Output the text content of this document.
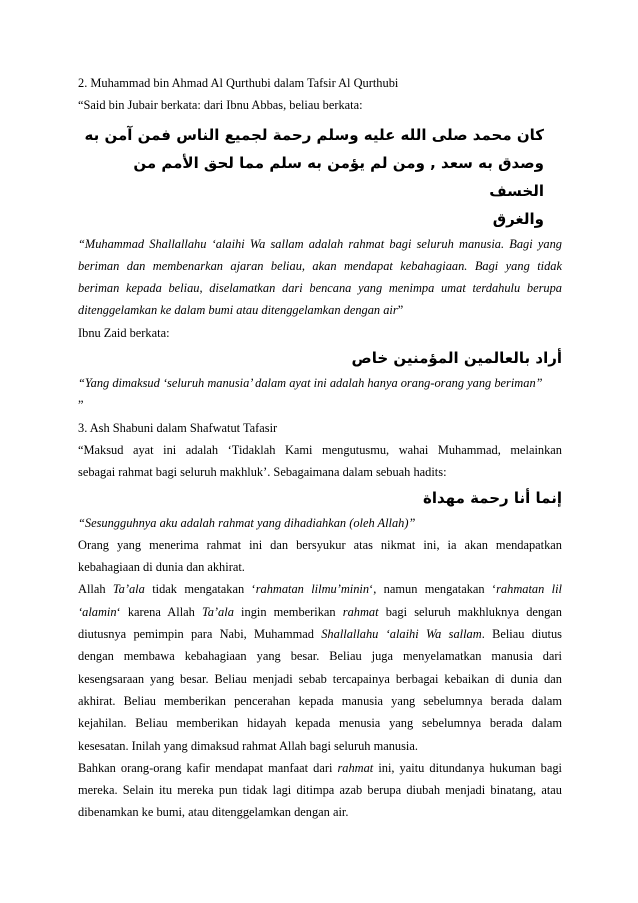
2. Muhammad bin Ahmad Al Qurthubi dalam Tafsir Al Qurthubi

“Said bin Jubair berkata: dari Ibnu Abbas, beliau berkata:

كان محمد صلى الله عليه وسلم رحمة لجميع الناس فمن آمن به

وصدق به سعد , ومن لم يؤمن به سلم مما لحق الأمم من الخسف

والغرق

“Muhammad Shallallahu ‘alaihi Wa sallam adalah rahmat bagi seluruh manusia. Bagi yang

beriman dan membenarkan ajaran beliau, akan mendapat kebahagiaan. Bagi yang tidak

beriman kepada beliau, diselamatkan dari bencana yang menimpa umat terdahulu berupa

ditenggelamkan ke dalam bumi atau ditenggelamkan dengan air”

Ibnu Zaid berkata:

أراد بالعالمين المؤمنين خاص

“Yang dimaksud ‘seluruh manusia’ dalam ayat ini adalah hanya orang-orang yang beriman”

”

3. Ash Shabuni dalam Shafwatut Tafasir

“Maksud ayat ini adalah ‘Tidaklah Kami mengutusmu, wahai Muhammad, melainkan

sebagai rahmat bagi seluruh makhluk’. Sebagaimana dalam sebuah hadits:

إنما أنا رحمة مهداة

“Sesungguhnya aku adalah rahmat yang dihadiahkan (oleh Allah)”

Orang yang menerima rahmat ini dan bersyukur atas nikmat ini, ia akan mendapatkan

kebahagiaan di dunia dan akhirat.

Allah Ta’ala tidak mengatakan ‘rahmatan lilmu’minin‘, namun mengatakan ‘rahmatan lil

‘alamin‘ karena Allah Ta’ala ingin memberikan rahmat bagi seluruh makhluknya dengan

diutusnya pemimpin para Nabi, Muhammad Shallallahu ‘alaihi Wa sallam. Beliau diutus

dengan membawa kebahagiaan yang besar. Beliau juga menyelamatkan manusia dari

kesengsaraan yang besar. Beliau menjadi sebab tercapainya berbagai kebaikan di dunia dan

akhirat. Beliau memberikan pencerahan kepada manusia yang sebelumnya berada dalam

kejahilan. Beliau memberikan hidayah kepada menusia yang sebelumnya berada dalam

kesesatan. Inilah yang dimaksud rahmat Allah bagi seluruh manusia.

Bahkan orang-orang kafir mendapat manfaat dari rahmat ini, yaitu ditundanya hukuman bagi

mereka. Selain itu mereka pun tidak lagi ditimpa azab berupa diubah menjadi binatang, atau

dibenamkan ke bumi, atau ditenggelamkan dengan air.
